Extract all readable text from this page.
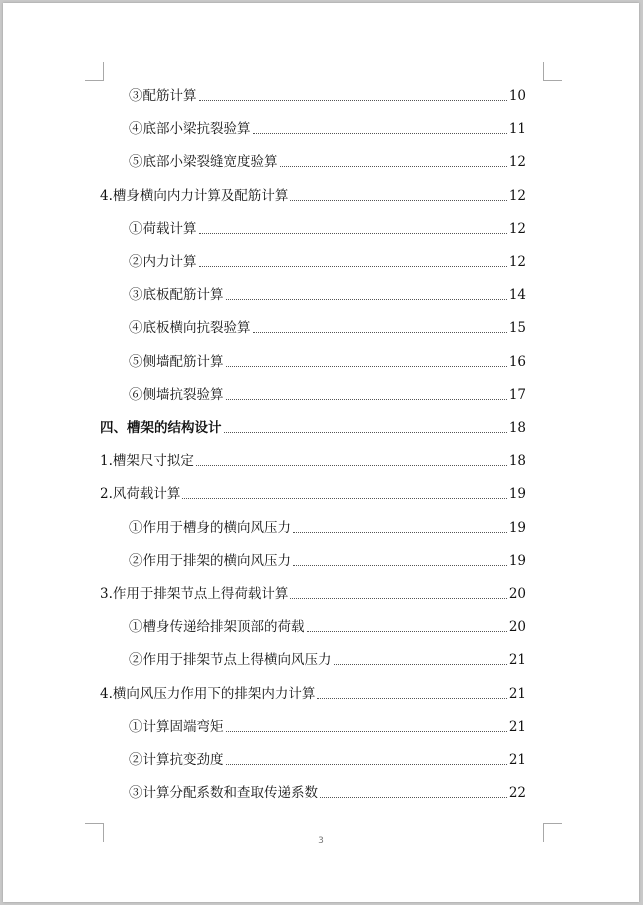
③配筋计算	10
④底部小梁抗裂验算	11
⑤底部小梁裂缝宽度验算	12
4.槽身横向内力计算及配筋计算	12
①荷载计算	12
②内力计算	12
③底板配筋计算	14
④底板横向抗裂验算	15
⑤侧墙配筋计算	16
⑥侧墙抗裂验算	17
四、槽架的结构设计	18
1.槽架尺寸拟定	18
2.风荷载计算	19
①作用于槽身的横向风压力	19
②作用于排架的横向风压力	19
3.作用于排架节点上得荷载计算	20
①槽身传递给排架顶部的荷载	20
②作用于排架节点上得横向风压力	21
4.横向风压力作用下的排架内力计算	21
①计算固端弯矩	21
②计算抗变劲度	21
③计算分配系数和查取传递系数	22
3
